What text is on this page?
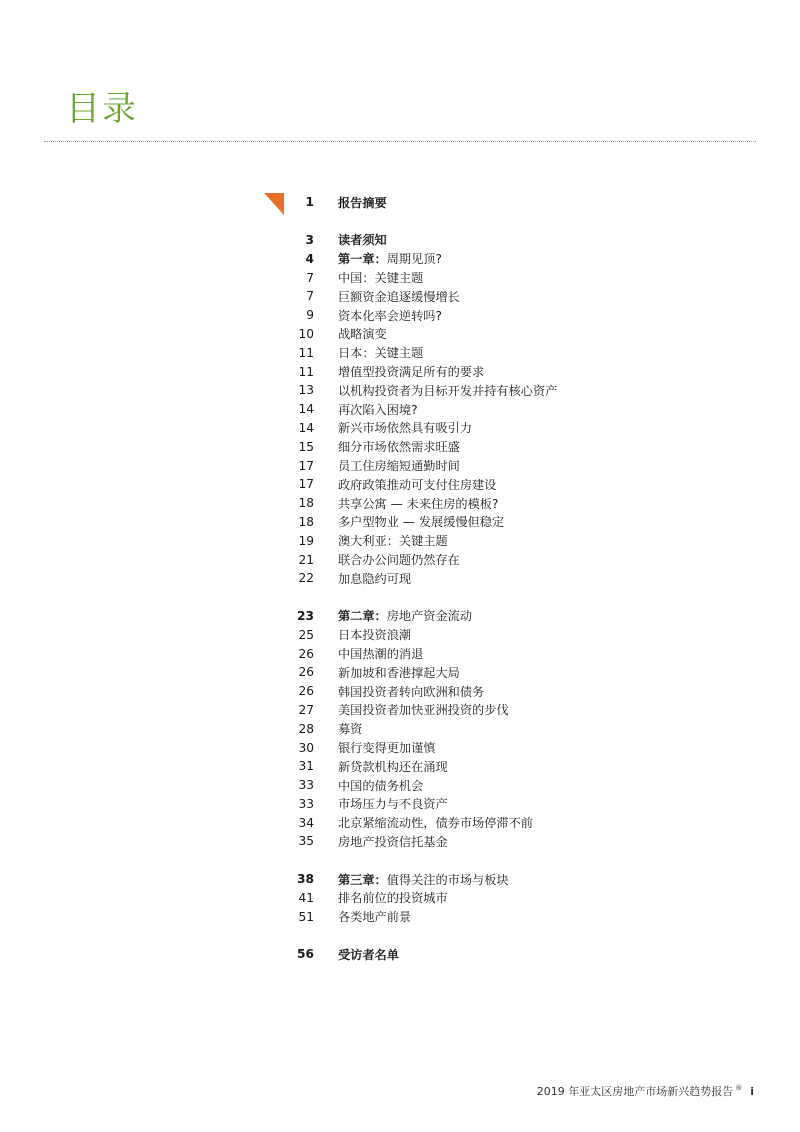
目录
1 报告摘要
3 读者须知
4 第一章：周期见顶?
7 中国：关键主题
7 巨额资金追逐缓慢增长
9 资本化率会逆转吗?
10 战略演变
11 日本：关键主题
11 增值型投资满足所有的要求
13 以机构投资者为目标开发并持有核心资产
14 再次陷入困境?
14 新兴市场依然具有吸引力
15 细分市场依然需求旺盛
17 员工住房缩短通勤时间
17 政府政策推动可支付住房建设
18 共享公寓 — 未来住房的模板?
18 多户型物业 — 发展缓慢但稳定
19 澳大利亚：关键主题
21 联合办公问题仍然存在
22 加息隐约可现
23 第二章：房地产资金流动
25 日本投资浪潮
26 中国热潮的消退
26 新加坡和香港撑起大局
26 韩国投资者转向欧洲和债务
27 美国投资者加快亚洲投资的步伐
28 募资
30 银行变得更加谨慎
31 新贷款机构还在涌现
33 中国的债务机会
33 市场压力与不良资产
34 北京紧缩流动性，债券市场停滞不前
35 房地产投资信托基金
38 第三章：值得关注的市场与板块
41 排名前位的投资城市
51 各类地产前景
56 受访者名单
2019 年亚太区房地产市场新兴趋势报告 ® i
